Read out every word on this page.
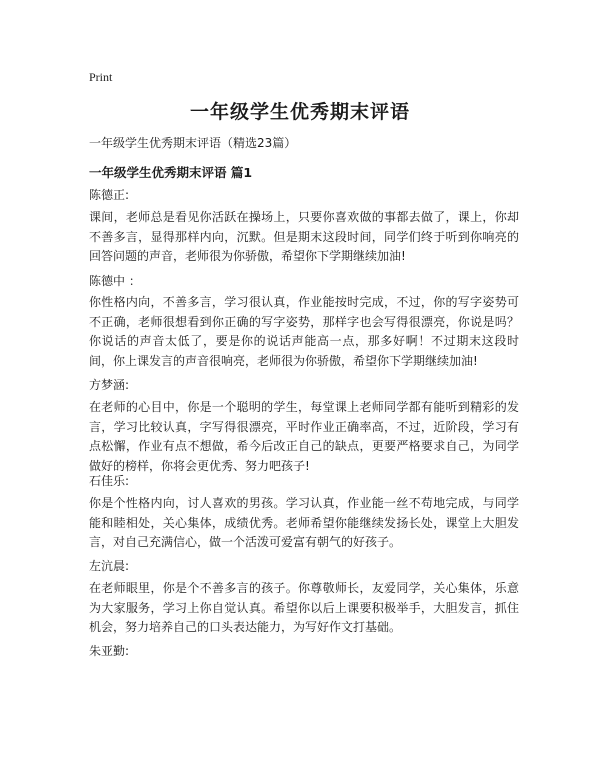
Print
一年级学生优秀期末评语

一年级学生优秀期末评语（精选23篇）

一年级学生优秀期末评语 篇1

陈德正:

课间，老师总是看见你活跃在操场上，只要你喜欢做的事都去做了，课上，你却不善多言，显得那样内向，沉默。但是期末这段时间，同学们终于听到你响亮的回答问题的声音，老师很为你骄傲，希望你下学期继续加油!

陈德中 ：

你性格内向，不善多言，学习很认真，作业能按时完成，不过，你的写字姿势可不正确，老师很想看到你正确的写字姿势，那样字也会写得很漂亮，你说是吗？你说话的声音太低了，要是你的说话声能高一点，那多好啊！不过期末这段时间，你上课发言的声音很响亮，老师很为你骄傲，希望你下学期继续加油!

方梦涵:

在老师的心目中，你是一个聪明的学生，每堂课上老师同学都有能听到精彩的发言，学习比较认真，字写得很漂亮，平时作业正确率高，不过，近阶段，学习有点松懈，作业有点不想做，希今后改正自己的缺点，更要严格要求自己，为同学做好的榜样，你将会更优秀、努力吧孩子!

石佳乐:

你是个性格内向，讨人喜欢的男孩。学习认真，作业能一丝不苟地完成，与同学能和睦相处，关心集体，成绩优秀。老师希望你能继续发扬长处，课堂上大胆发言，对自己充满信心，做一个活泼可爱富有朝气的好孩子。

左沆晨:

在老师眼里，你是个不善多言的孩子。你尊敬师长，友爱同学，关心集体，乐意为大家服务，学习上你自觉认真。希望你以后上课要积极举手，大胆发言，抓住机会，努力培养自己的口头表达能力，为写好作文打基础。

朱亚勤:
